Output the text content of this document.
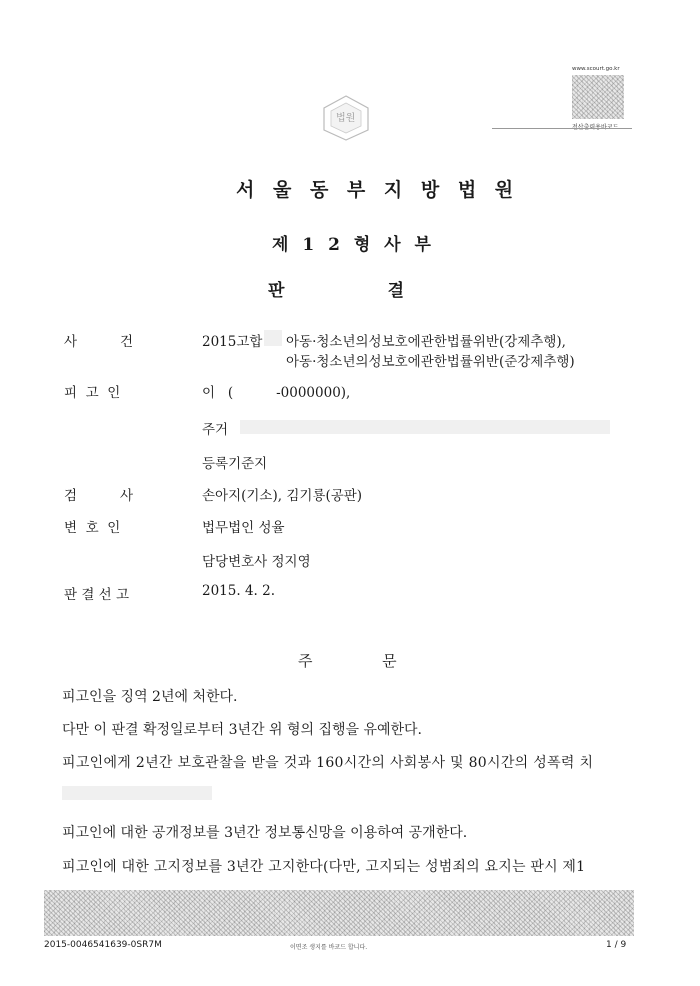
www.scourt.go.kr
전산출력용바코드
법원
서 울 동 부 지 방 법 원
제 1 2 형 사 부
판          결
사          건	2015고합 아동·청소년의성보호에관한법률위반(강제추행),
아동·청소년의성보호에관한법률위반(준강제추행)
피  고  인	이   (          -0000000),
주거
등록기준지
검          사	손아지(기소), 김기룡(공판)
변  호  인	법무법인 성율
담당변호사 정지영
판 결 선 고	2015. 4. 2.
주          문
피고인을 징역 2년에 처한다.
다만 이 판결 확정일로부터 3년간 위 형의 집행을 유예한다.
피고인에게 2년간 보호관찰을 받을 것과 160시간의 사회봉사 및 80시간의 성폭력 치
피고인에 대한 공개정보를 3년간 정보통신망을 이용하여 공개한다.
피고인에 대한 고지정보를 3년간 고지한다(다만, 고지되는 성범죄의 요지는 판시 제1
2015-0046541639-0SR7M	이면조 생지를 바코드 합니다.	1 / 9
